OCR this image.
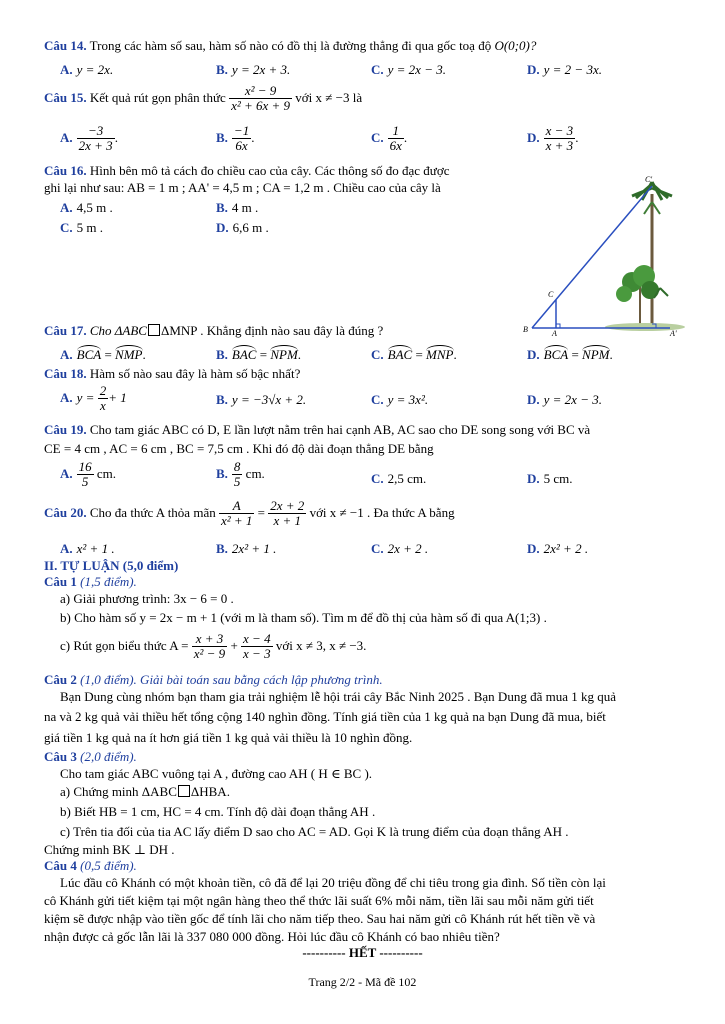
Câu 14. Trong các hàm số sau, hàm số nào có đồ thị là đường thẳng đi qua gốc toạ độ O(0;0)?
A. y = 2x.	B. y = 2x + 3.	C. y = 2x − 3.	D. y = 2 − 3x.
Câu 15. Kết quả rút gọn phân thức $\frac{\text{x² − 9}}{\text{x² + 6x + 9}}$ với x ≠ −3 là
A. $\frac{-3}{2x + 3}$ .	B. $\frac{-1}{6x}$ .	C. $\frac{1}{6x}$ .	D. $\frac{x - 3}{x + 3}$ .
Câu 16. Hình bên mô tả cách đo chiều cao của cây. Các thông số đo đạc được
ghi lại như sau: AB = 1 m ; AA' = 4,5 m ; CA = 1,2 m . Chiều cao của cây là
A. 4,5 m .	B. 4 m .
C. 5 m .	D. 6,6 m .
B	A	A'
C
C'
Câu 17. Cho ΔABC ΔMNP . Khẳng định nào sau đây là đúng ?
A. BCA = NMP.	B. BAC = NPM.	C. BAC = MNP.	D. BCA = NPM.
Câu 18. Hàm số nào sau đây là hàm số bậc nhất?
A. $y = \frac{2}{x} + 1$	B. y = −3√x + 2.	C. y = 3x².	D. y = 2x − 3.
Câu 19. Cho tam giác ABC có D, E lần lượt nằm trên hai cạnh AB, AC sao cho DE song song với BC và
CE = 4 cm , AC = 6 cm , BC = 7,5 cm . Khi đó độ dài đoạn thẳng DE bằng
A. $\frac{16}{5}$ cm.	B. $\frac{8}{5}$ cm.	C. 2,5 cm.	D. 5 cm.
Câu 20. Cho đa thức A thỏa mãn $\frac{A}{\text{x² + 1}} = \frac{2x + 2}{x + 1}$ với x ≠ −1 . Đa thức A bằng
A. x² + 1 .	B. 2x² + 1 .	C. 2x + 2 .	D. 2x² + 2 .
II. TỰ LUẬN (5,0 điểm)
Câu 1 (1,5 điểm).
a) Giải phương trình: 3x − 6 = 0 .
b) Cho hàm số y = 2x − m + 1 (với m là tham số). Tìm m để đồ thị của hàm số đi qua A(1;3) .
c) Rút gọn biểu thức $A = \frac{x + 3}{\text{x² − 9}} + \frac{x - 4}{x - 3}$ với x ≠ 3, x ≠ −3.
Câu 2 (1,0 điểm). Giải bài toán sau bằng cách lập phương trình.
Bạn Dung cùng nhóm bạn tham gia trải nghiệm lễ hội trái cây Bắc Ninh 2025 . Bạn Dung đã mua 1 kg quả
na và 2 kg quả vải thiều hết tổng cộng 140 nghìn đồng. Tính giá tiền của 1 kg quả na bạn Dung đã mua, biết
giá tiền 1 kg quả na ít hơn giá tiền 1 kg quả vải thiều là 10 nghìn đồng.
Câu 3 (2,0 điểm).
Cho tam giác ABC vuông tại A , đường cao AH ( H ∈ BC ).
a) Chứng minh ΔABC ΔHBA.
b) Biết HB = 1 cm, HC = 4 cm. Tính độ dài đoạn thẳng AH .
c) Trên tia đối của tia AC lấy điểm D sao cho AC = AD. Gọi K là trung điểm của đoạn thẳng AH .
Chứng minh BK ⊥ DH .
Câu 4 (0,5 điểm).
Lúc đầu cô Khánh có một khoản tiền, cô đã để lại 20 triệu đồng để chi tiêu trong gia đình. Số tiền còn lại
cô Khánh gửi tiết kiệm tại một ngân hàng theo thể thức lãi suất 6% mỗi năm, tiền lãi sau mỗi năm gửi tiết
kiệm sẽ được nhập vào tiền gốc để tính lãi cho năm tiếp theo. Sau hai năm gửi cô Khánh rút hết tiền về và
nhận được cả gốc lẫn lãi là 337 080 000 đồng. Hỏi lúc đầu cô Khánh có bao nhiêu tiền?
---------- HẾT ----------
Trang 2/2 - Mã đề 102
